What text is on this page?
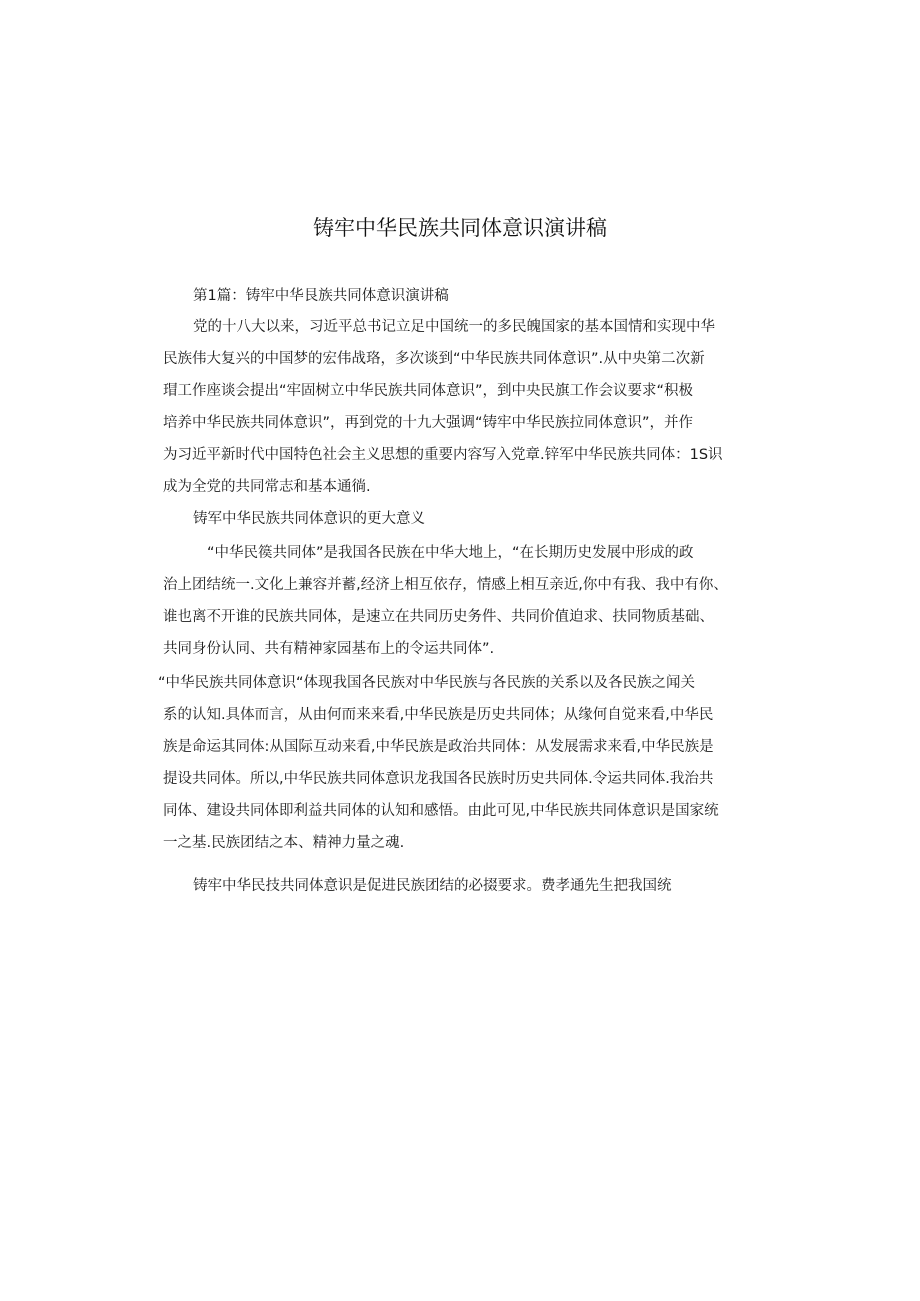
铸牢中华民族共同体意识演讲稿
第1篇：铸牢中华艮族共同体意识演讲稿
党的十八大以来，习近平总书记立足中国统一的多民魄国家的基本国情和实现中华
民族伟大复兴的中国梦的宏伟战珞，多次谈到“中华民族共同体意识”.从中央第二次新
瑁工作座谈会提出“牢固树立中华民族共同体意识”，到中央民旗工作会议要求“积极
培养中华民族共同体意识”，再到党的十九大强调“铸牢中华民族拉同体意识”，并作
为习近平新时代中国特色社会主义思想的重要内容写入党章.锌军中华民族共同体：1S识
成为全党的共同常志和基本通徜.
铸军中华民族共同体意识的更大意义
“中华民篌共同体”是我国各民族在中华大地上，“在长期历史发展中形成的政
治上团结统一.文化上兼容并蓄,经济上相互依存，情感上相互亲近,你中有我、我中有你、
谁也离不开谁的民族共同体，是速立在共同历史务件、共同价值迫求、扶同物质基础、
共同身份认同、共有精神家园基布上的令运共同体”.
“中华民族共同体意识“体现我国各民族对中华民族与各民族的关系以及各民族之闻关
系的认知.具体而言，从由何而来来看,中华民族是历史共同体；从缘何自觉来看,中华民
族是命运其同体:从国际互动来看,中华民族是政治共同体：从发展需求来看,中华民族是
提设共同体。所以,中华民族共同体意识龙我国各民族时历史共同体.令运共同体.我治共
同体、建设共同体即利益共同体的认知和感悟。由此可见,中华民族共同体意识是国家统
一之基.民族团结之本、精神力量之魂.
铸牢中华民技共同体意识是促进民族团结的必掇要求。费孝通先生把我国统
